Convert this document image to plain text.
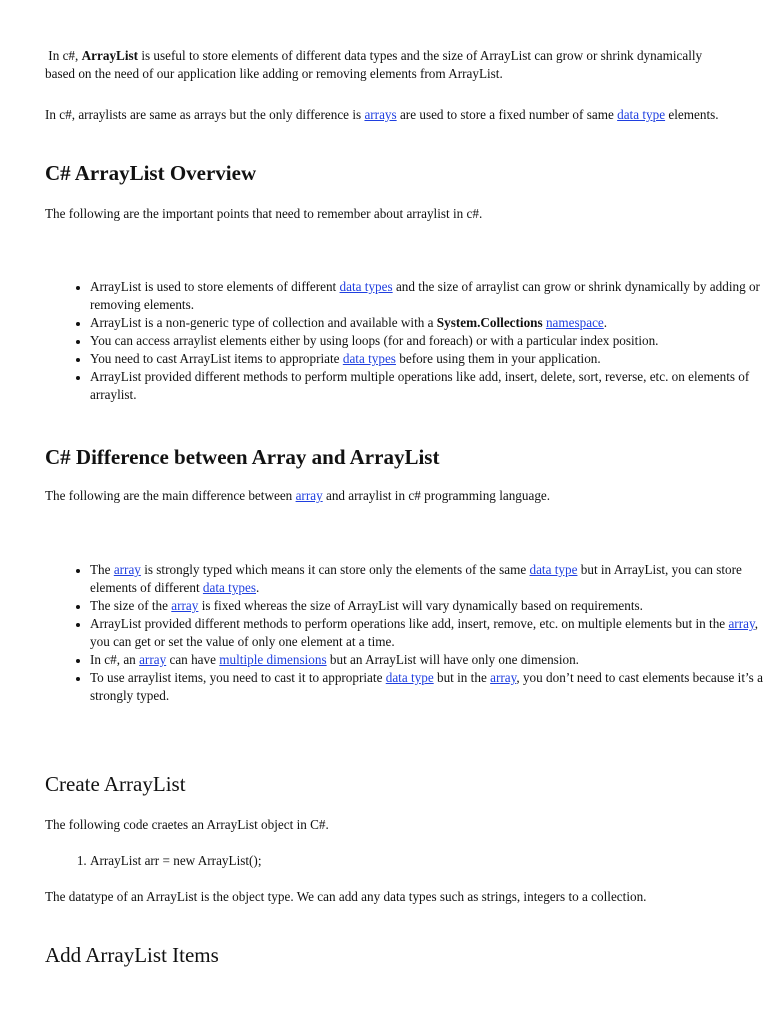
In c#, ArrayList is useful to store elements of different data types and the size of ArrayList can grow or shrink dynamically based on the need of our application like adding or removing elements from ArrayList.

In c#, arraylists are same as arrays but the only difference is arrays are used to store a fixed number of same data type elements.

C# ArrayList Overview

The following are the important points that need to remember about arraylist in c#.

• ArrayList is used to store elements of different data types and the size of arraylist can grow or shrink dynamically by adding or removing elements.
• ArrayList is a non-generic type of collection and available with a System.Collections namespace.
• You can access arraylist elements either by using loops (for and foreach) or with a particular index position.
• You need to cast ArrayList items to appropriate data types before using them in your application.
• ArrayList provided different methods to perform multiple operations like add, insert, delete, sort, reverse, etc. on elements of arraylist.
C# Difference between Array and ArrayList

The following are the main difference between array and arraylist in c# programming language.

• The array is strongly typed which means it can store only the elements of the same data type but in ArrayList, you can store elements of different data types.
• The size of the array is fixed whereas the size of ArrayList will vary dynamically based on requirements.
• ArrayList provided different methods to perform operations like add, insert, remove, etc. on multiple elements but in the array, you can get or set the value of only one element at a time.
• In c#, an array can have multiple dimensions but an ArrayList will have only one dimension.
• To use arraylist items, you need to cast it to appropriate data type but in the array, you don’t need to cast elements because it’s a strongly typed.
Create ArrayList

The following code craetes an ArrayList object in C#.

1. ArrayList arr = new ArrayList();

The datatype of an ArrayList is the object type. We can add any data types such as strings, integers to a collection.

Add ArrayList Items
